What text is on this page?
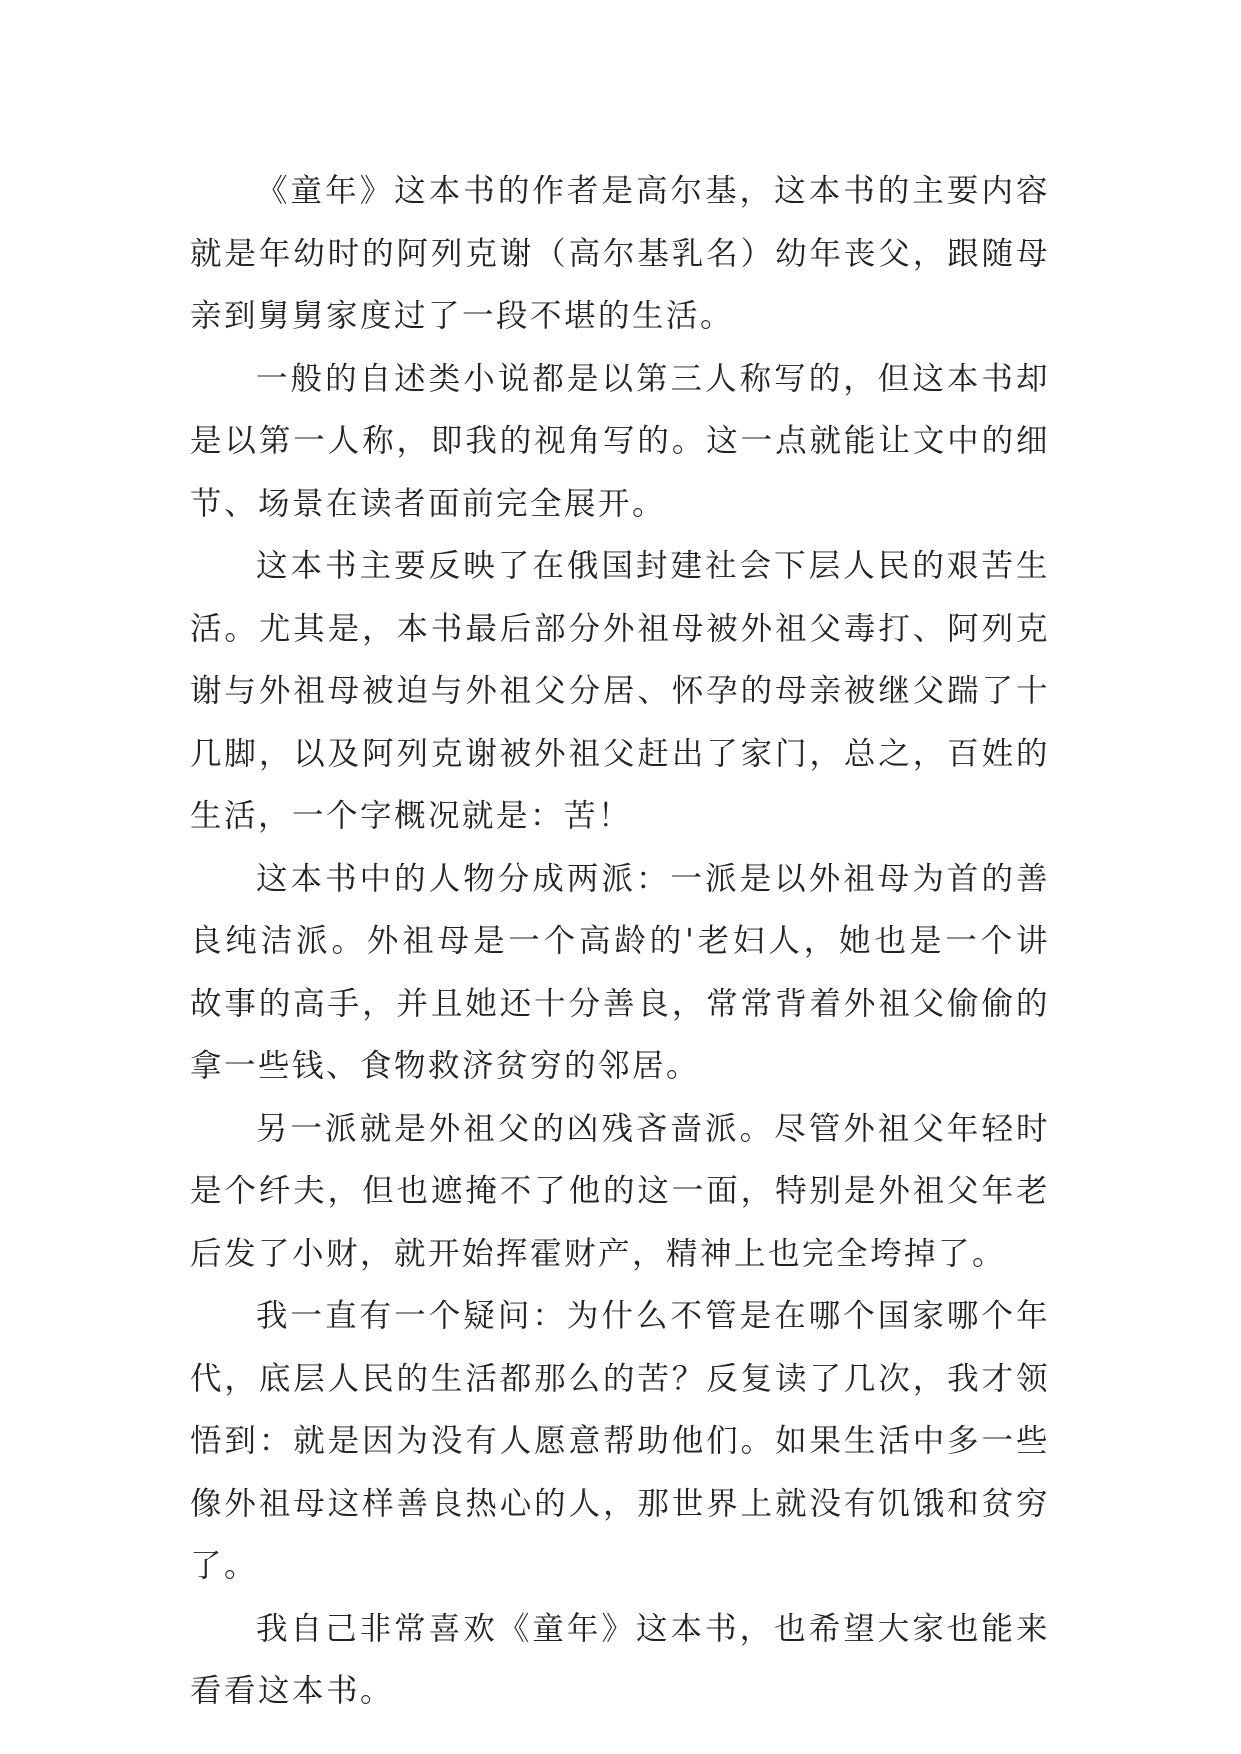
《童年》这本书的作者是高尔基，这本书的主要内容就是年幼时的阿列克谢（高尔基乳名）幼年丧父，跟随母亲到舅舅家度过了一段不堪的生活。

一般的自述类小说都是以第三人称写的，但这本书却是以第一人称，即我的视角写的。这一点就能让文中的细节、场景在读者面前完全展开。

这本书主要反映了在俄国封建社会下层人民的艰苦生活。尤其是，本书最后部分外祖母被外祖父毒打、阿列克谢与外祖母被迫与外祖父分居、怀孕的母亲被继父踹了十几脚，以及阿列克谢被外祖父赶出了家门，总之，百姓的生活，一个字概况就是：苦！

这本书中的人物分成两派：一派是以外祖母为首的善良纯洁派。外祖母是一个高龄的'老妇人，她也是一个讲故事的高手，并且她还十分善良，常常背着外祖父偷偷的拿一些钱、食物救济贫穷的邻居。

另一派就是外祖父的凶残吝啬派。尽管外祖父年轻时是个纤夫，但也遮掩不了他的这一面，特别是外祖父年老后发了小财，就开始挥霍财产，精神上也完全垮掉了。

我一直有一个疑问：为什么不管是在哪个国家哪个年代，底层人民的生活都那么的苦？反复读了几次，我才领悟到：就是因为没有人愿意帮助他们。如果生活中多一些像外祖母这样善良热心的人，那世界上就没有饥饿和贫穷了。

我自己非常喜欢《童年》这本书，也希望大家也能来看看这本书。
